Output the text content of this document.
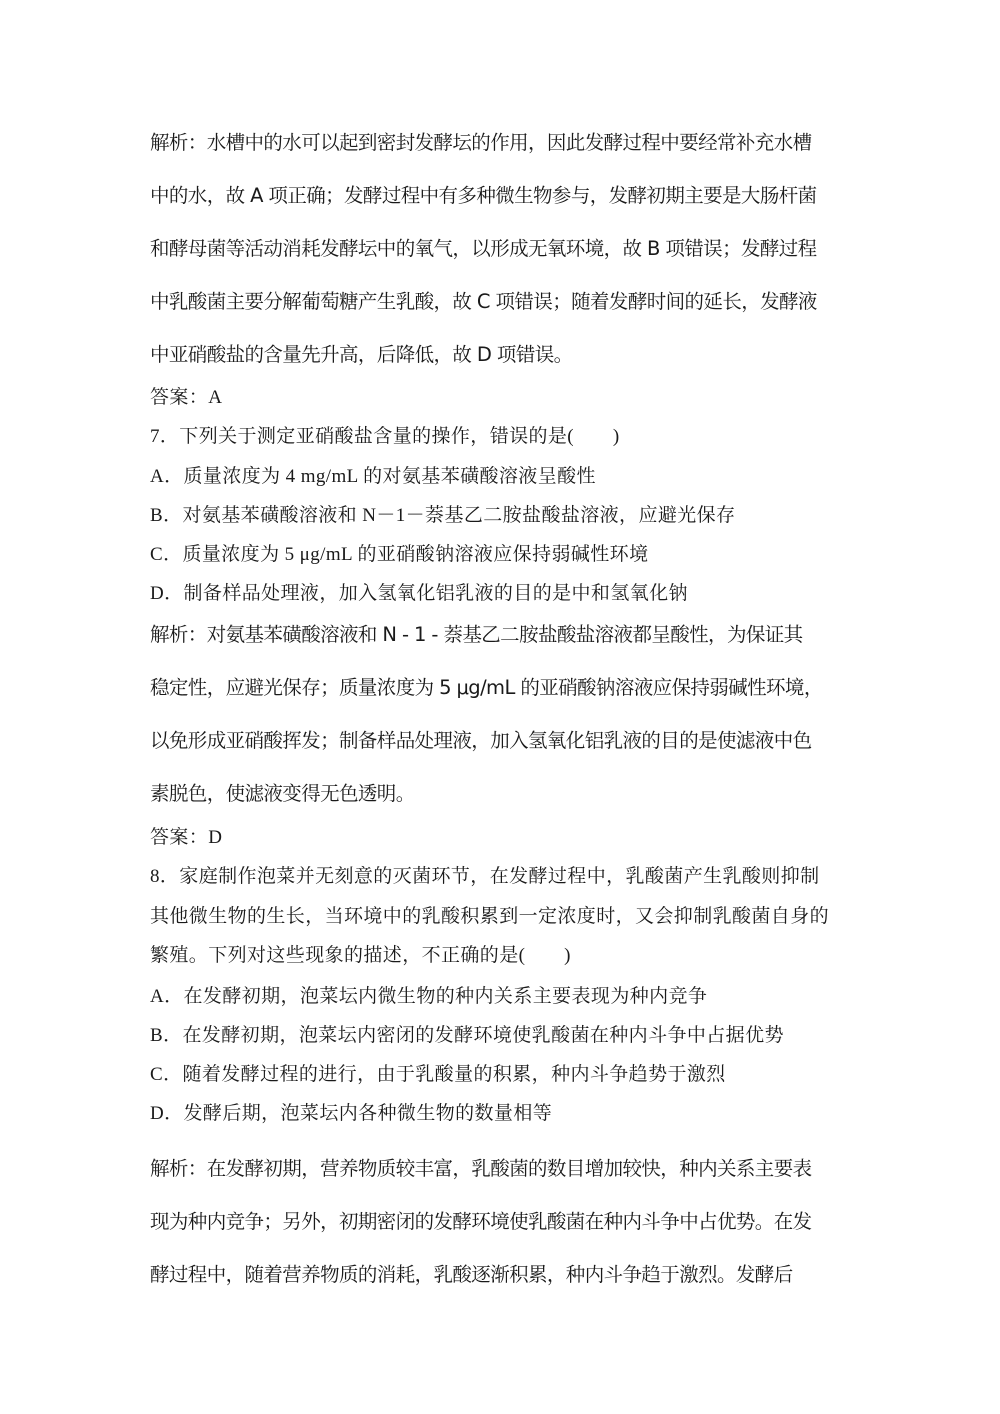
解析：水槽中的水可以起到密封发酵坛的作用，因此发酵过程中要经常补充水槽
中的水，故 A 项正确；发酵过程中有多种微生物参与，发酵初期主要是大肠杆菌
和酵母菌等活动消耗发酵坛中的氧气，以形成无氧环境，故 B 项错误；发酵过程
中乳酸菌主要分解葡萄糖产生乳酸，故 C 项错误；随着发酵时间的延长，发酵液
中亚硝酸盐的含量先升高，后降低，故 D 项错误。
答案：A
7．下列关于测定亚硝酸盐含量的操作，错误的是(　　)
A．质量浓度为 4 mg/mL 的对氨基苯磺酸溶液呈酸性
B．对氨基苯磺酸溶液和 N－1－萘基乙二胺盐酸盐溶液，应避光保存
C．质量浓度为 5 μg/mL 的亚硝酸钠溶液应保持弱碱性环境
D．制备样品处理液，加入氢氧化铝乳液的目的是中和氢氧化钠
解析：对氨基苯磺酸溶液和 N - 1 - 萘基乙二胺盐酸盐溶液都呈酸性，为保证其
稳定性，应避光保存；质量浓度为 5 μg/mL 的亚硝酸钠溶液应保持弱碱性环境，
以免形成亚硝酸挥发；制备样品处理液，加入氢氧化铝乳液的目的是使滤液中色
素脱色，使滤液变得无色透明。
答案：D
8．家庭制作泡菜并无刻意的灭菌环节，在发酵过程中，乳酸菌产生乳酸则抑制
其他微生物的生长，当环境中的乳酸积累到一定浓度时，又会抑制乳酸菌自身的
繁殖。下列对这些现象的描述，不正确的是(　　)
A．在发酵初期，泡菜坛内微生物的种内关系主要表现为种内竞争
B．在发酵初期，泡菜坛内密闭的发酵环境使乳酸菌在种内斗争中占据优势
C．随着发酵过程的进行，由于乳酸量的积累，种内斗争趋势于激烈
D．发酵后期，泡菜坛内各种微生物的数量相等
解析：在发酵初期，营养物质较丰富，乳酸菌的数目增加较快，种内关系主要表
现为种内竞争；另外，初期密闭的发酵环境使乳酸菌在种内斗争中占优势。在发
酵过程中，随着营养物质的消耗，乳酸逐渐积累，种内斗争趋于激烈。发酵后
